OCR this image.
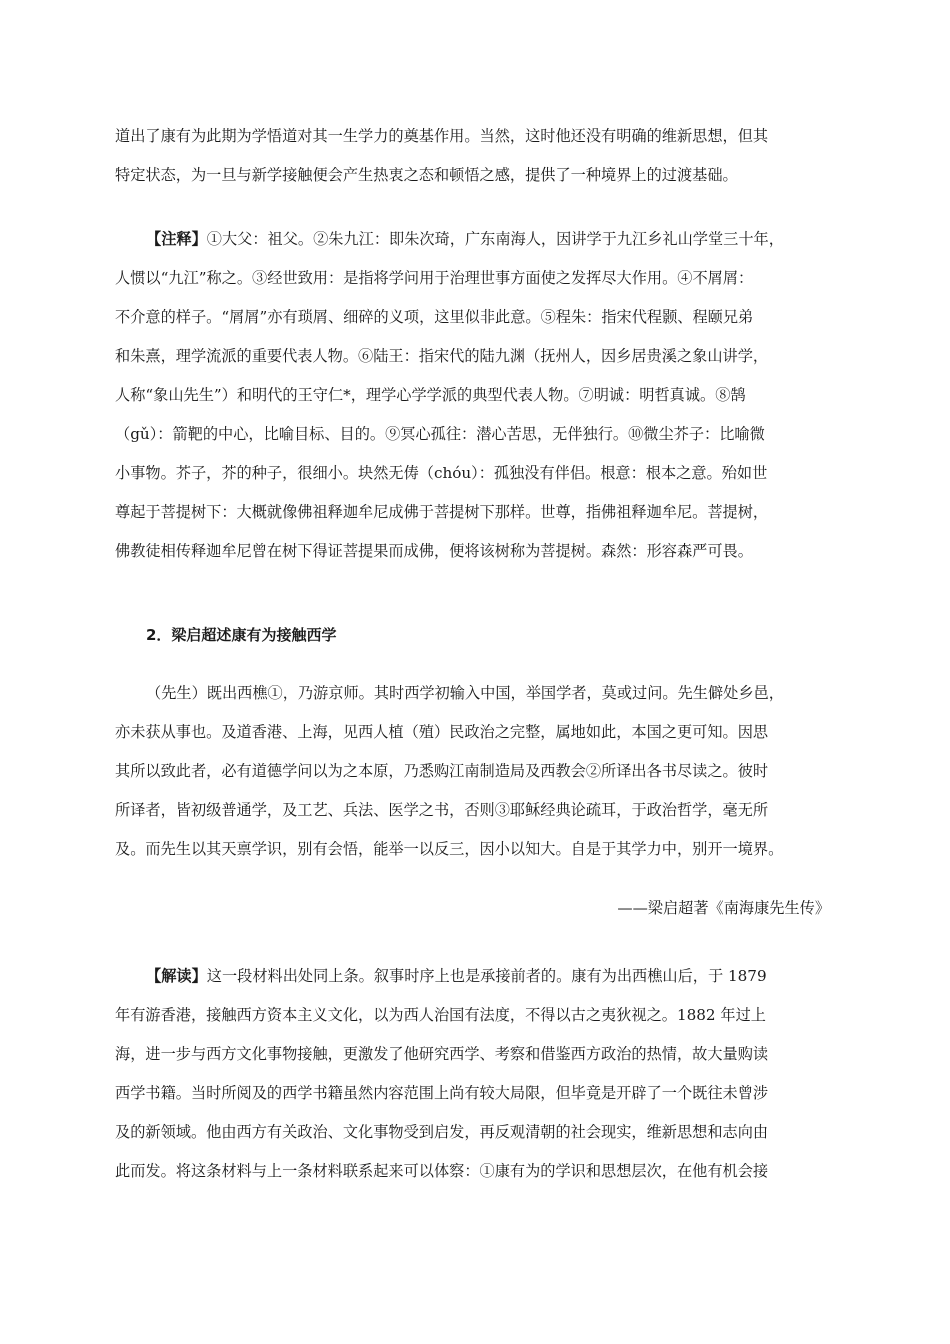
道出了康有为此期为学悟道对其一生学力的奠基作用。当然，这时他还没有明确的维新思想，但其
特定状态，为一旦与新学接触便会产生热衷之态和顿悟之感，提供了一种境界上的过渡基础。
【注释】①大父：祖父。②朱九江：即朱次琦，广东南海人，因讲学于九江乡礼山学堂三十年，
人惯以“九江”称之。③经世致用：是指将学问用于治理世事方面使之发挥尽大作用。④不屑屑：
不介意的样子。“屑屑”亦有琐屑、细碎的义项，这里似非此意。⑤程朱：指宋代程颢、程颐兄弟
和朱熹，理学流派的重要代表人物。⑥陆王：指宋代的陆九渊（抚州人，因乡居贵溪之象山讲学，
人称“象山先生”）和明代的王守仁*，理学心学学派的典型代表人物。⑦明诚：明哲真诚。⑧鹄
（gǔ）：箭靶的中心，比喻目标、目的。⑨冥心孤往：潜心苦思，无伴独行。⑩微尘芥子：比喻微
小事物。芥子，芥的种子，很细小。块然无俦（chóu）：孤独没有伴侣。根意：根本之意。殆如世
尊起于菩提树下：大概就像佛祖释迦牟尼成佛于菩提树下那样。世尊，指佛祖释迦牟尼。菩提树，
佛教徒相传释迦牟尼曾在树下得证菩提果而成佛，便将该树称为菩提树。森然：形容森严可畏。
2．梁启超述康有为接触西学
（先生）既出西樵①，乃游京师。其时西学初输入中国，举国学者，莫或过问。先生僻处乡邑，
亦未获从事也。及道香港、上海，见西人植（殖）民政治之完整，属地如此，本国之更可知。因思
其所以致此者，必有道德学问以为之本原，乃悉购江南制造局及西教会②所译出各书尽读之。彼时
所译者，皆初级普通学，及工艺、兵法、医学之书，否则③耶稣经典论疏耳，于政治哲学，毫无所
及。而先生以其天禀学识，别有会悟，能举一以反三，因小以知大。自是于其学力中，别开一境界。
——梁启超著《南海康先生传》
【解读】这一段材料出处同上条。叙事时序上也是承接前者的。康有为出西樵山后，于 1879
年有游香港，接触西方资本主义文化，以为西人治国有法度，不得以古之夷狄视之。1882 年过上
海，进一步与西方文化事物接触，更激发了他研究西学、考察和借鉴西方政治的热情，故大量购读
西学书籍。当时所阅及的西学书籍虽然内容范围上尚有较大局限，但毕竟是开辟了一个既往未曾涉
及的新领域。他由西方有关政治、文化事物受到启发，再反观清朝的社会现实，维新思想和志向由
此而发。将这条材料与上一条材料联系起来可以体察：①康有为的学识和思想层次，在他有机会接
